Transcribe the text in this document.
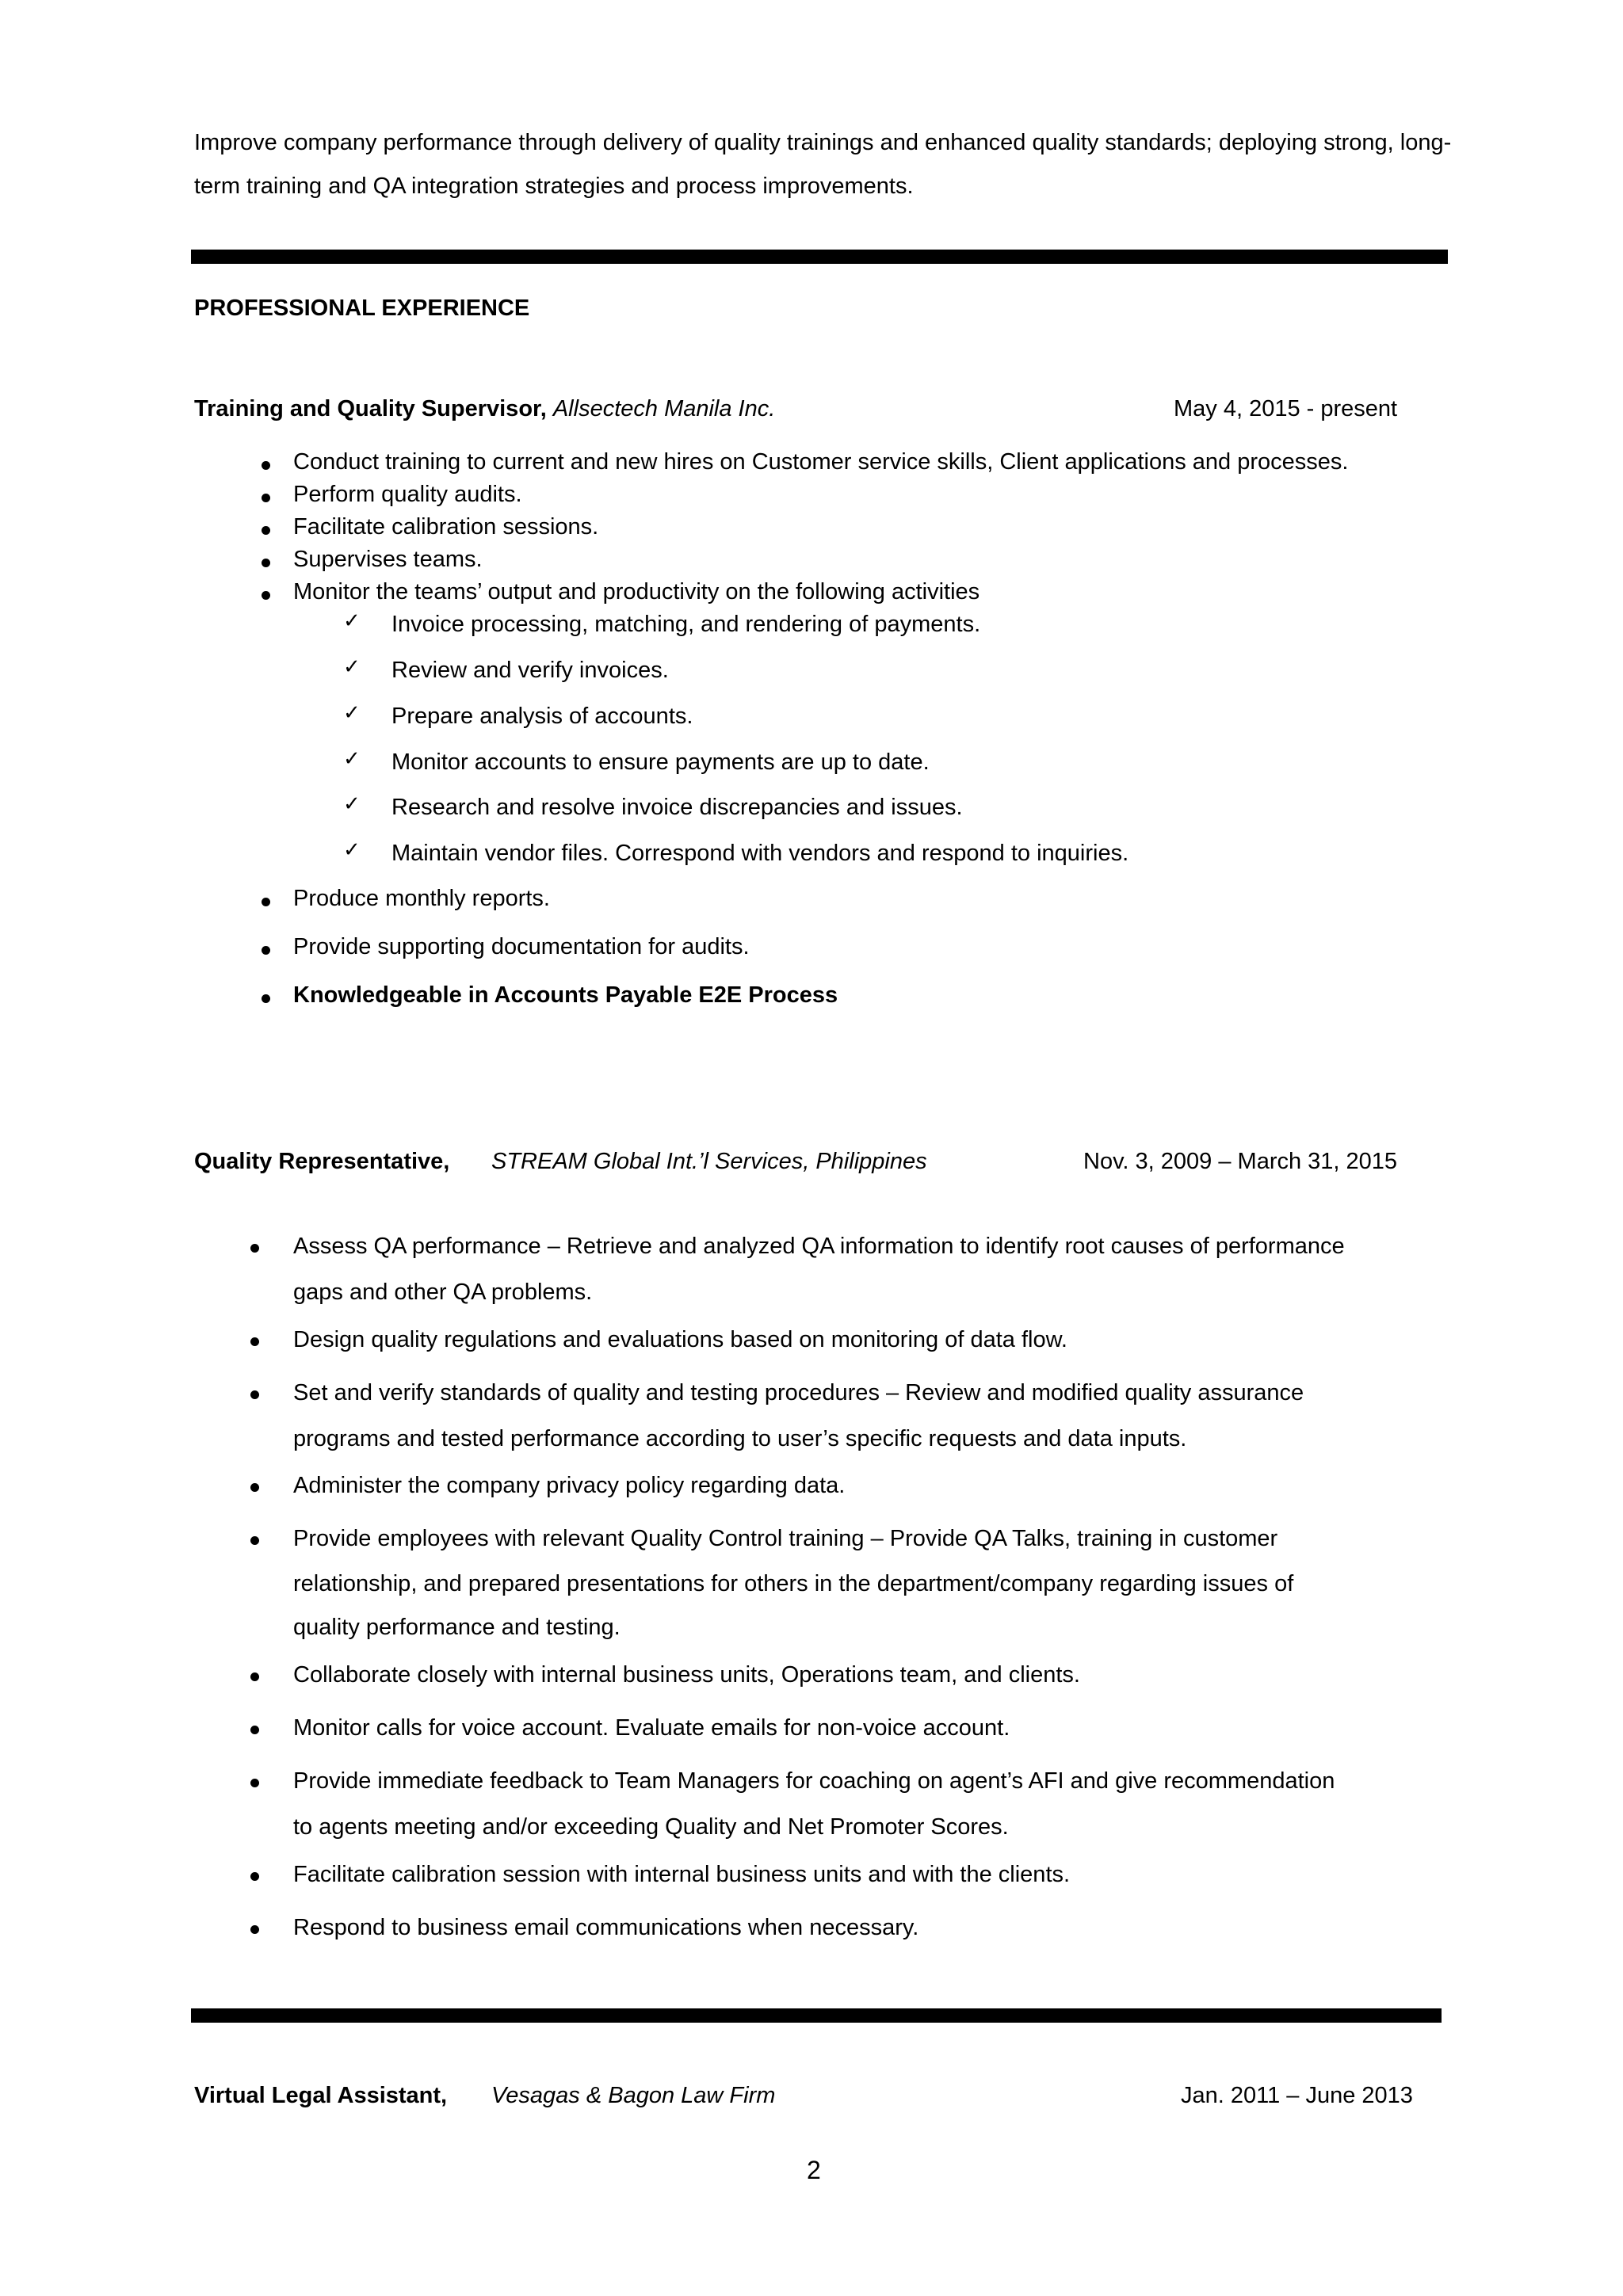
Improve company performance through delivery of quality trainings and enhanced quality standards; deploying strong, long-term training and QA integration strategies and process improvements.
PROFESSIONAL EXPERIENCE
Training and Quality Supervisor, Allsectech Manila Inc.	May 4, 2015 - present
Conduct training to current and new hires on Customer service skills, Client applications and processes.
Perform quality audits.
Facilitate calibration sessions.
Supervises teams.
Monitor the teams’ output and productivity on the following activities
✓ Invoice processing, matching, and rendering of payments.
✓ Review and verify invoices.
✓ Prepare analysis of accounts.
✓ Monitor accounts to ensure payments are up to date.
✓ Research and resolve invoice discrepancies and issues.
✓ Maintain vendor files. Correspond with vendors and respond to inquiries.
Produce monthly reports.
Provide supporting documentation for audits.
Knowledgeable in Accounts Payable E2E Process
Quality Representative, STREAM Global Int.’l Services, Philippines	Nov. 3, 2009 – March 31, 2015
Assess QA performance – Retrieve and analyzed QA information to identify root causes of performance
gaps and other QA problems.
Design quality regulations and evaluations based on monitoring of data flow.
Set and verify standards of quality and testing procedures – Review and modified quality assurance
programs and tested performance according to user’s specific requests and data inputs.
Administer the company privacy policy regarding data.
Provide employees with relevant Quality Control training – Provide QA Talks, training in customer
relationship, and prepared presentations for others in the department/company regarding issues of
quality performance and testing.
Collaborate closely with internal business units, Operations team, and clients.
Monitor calls for voice account. Evaluate emails for non-voice account.
Provide immediate feedback to Team Managers for coaching on agent’s AFI and give recommendation
to agents meeting and/or exceeding Quality and Net Promoter Scores.
Facilitate calibration session with internal business units and with the clients.
Respond to business email communications when necessary.
Virtual Legal Assistant, Vesagas & Bagon Law Firm	Jan. 2011 – June 2013
2
